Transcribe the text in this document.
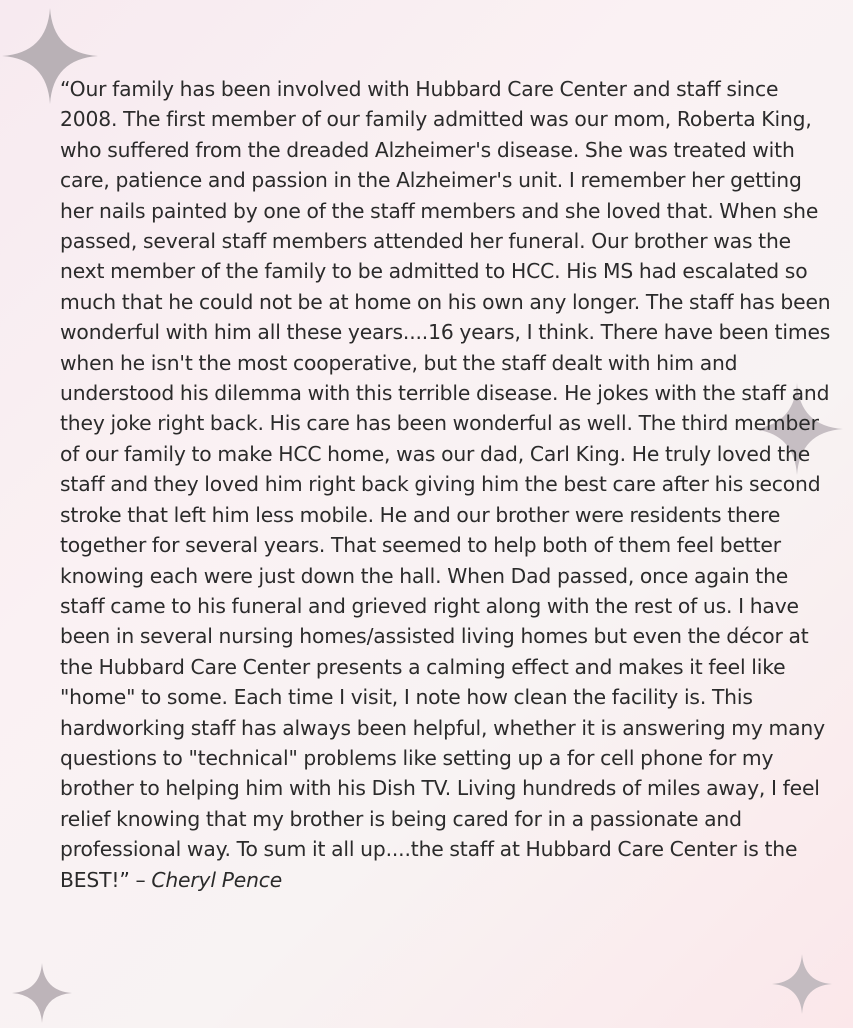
“Our family has been involved with Hubbard Care Center and staff since 2008. The first member of our family admitted was our mom, Roberta King, who suffered from the dreaded Alzheimer's disease. She was treated with care, patience and passion in the Alzheimer's unit. I remember her getting her nails painted by one of the staff members and she loved that. When she passed, several staff members attended her funeral. Our brother was the next member of the family to be admitted to HCC. His MS had escalated so much that he could not be at home on his own any longer. The staff has been wonderful with him all these years....16 years, I think. There have been times when he isn't the most cooperative, but the staff dealt with him and understood his dilemma with this terrible disease. He jokes with the staff and they joke right back. His care has been wonderful as well. The third member of our family to make HCC home, was our dad, Carl King. He truly loved the staff and they loved him right back giving him the best care after his second stroke that left him less mobile. He and our brother were residents there together for several years. That seemed to help both of them feel better knowing each were just down the hall. When Dad passed, once again the staff came to his funeral and grieved right along with the rest of us. I have been in several nursing homes/assisted living homes but even the décor at the Hubbard Care Center presents a calming effect and makes it feel like "home" to some. Each time I visit, I note how clean the facility is. This hardworking staff has always been helpful, whether it is answering my many questions to "technical" problems like setting up a for cell phone for my brother to helping him with his Dish TV. Living hundreds of miles away, I feel relief knowing that my brother is being cared for in a passionate and professional way. To sum it all up....the staff at Hubbard Care Center is the BEST!” – Cheryl Pence
